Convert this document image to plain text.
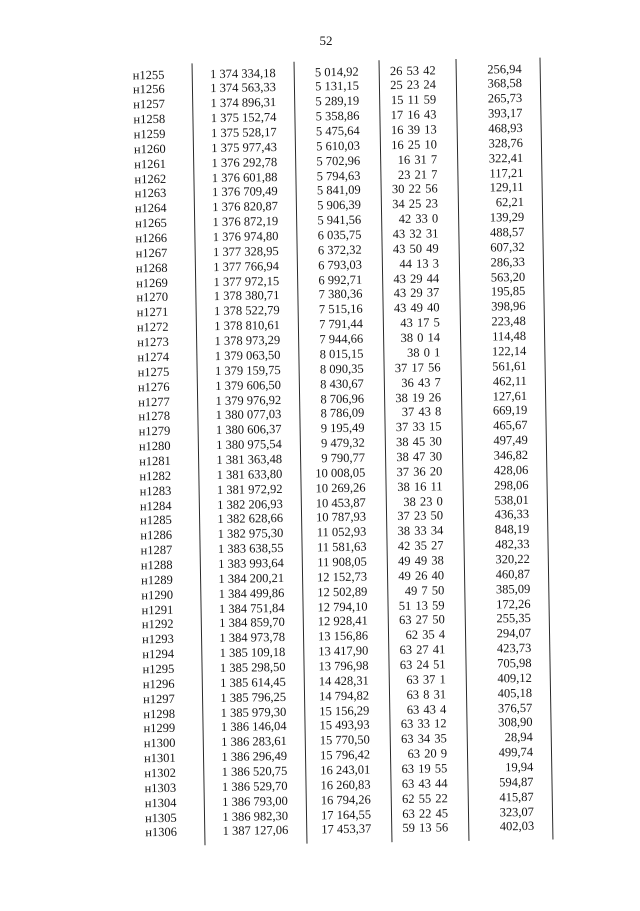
52
н1255	1 374 334,18	5 014,92	26 53 42	256,94
н1256	1 374 563,33	5 131,15	25 23 24	368,58
н1257	1 374 896,31	5 289,19	15 11 59	265,73
н1258	1 375 152,74	5 358,86	17 16 43	393,17
н1259	1 375 528,17	5 475,64	16 39 13	468,93
н1260	1 375 977,43	5 610,03	16 25 10	328,76
н1261	1 376 292,78	5 702,96	16 31 7	322,41
н1262	1 376 601,88	5 794,63	23 21 7	117,21
н1263	1 376 709,49	5 841,09	30 22 56	129,11
н1264	1 376 820,87	5 906,39	34 25 23	62,21
н1265	1 376 872,19	5 941,56	42 33 0	139,29
н1266	1 376 974,80	6 035,75	43 32 31	488,57
н1267	1 377 328,95	6 372,32	43 50 49	607,32
н1268	1 377 766,94	6 793,03	44 13 3	286,33
н1269	1 377 972,15	6 992,71	43 29 44	563,20
н1270	1 378 380,71	7 380,36	43 29 37	195,85
н1271	1 378 522,79	7 515,16	43 49 40	398,96
н1272	1 378 810,61	7 791,44	43 17 5	223,48
н1273	1 378 973,29	7 944,66	38 0 14	114,48
н1274	1 379 063,50	8 015,15	38 0 1	122,14
н1275	1 379 159,75	8 090,35	37 17 56	561,61
н1276	1 379 606,50	8 430,67	36 43 7	462,11
н1277	1 379 976,92	8 706,96	38 19 26	127,61
н1278	1 380 077,03	8 786,09	37 43 8	669,19
н1279	1 380 606,37	9 195,49	37 33 15	465,67
н1280	1 380 975,54	9 479,32	38 45 30	497,49
н1281	1 381 363,48	9 790,77	38 47 30	346,82
н1282	1 381 633,80	10 008,05	37 36 20	428,06
н1283	1 381 972,92	10 269,26	38 16 11	298,06
н1284	1 382 206,93	10 453,87	38 23 0	538,01
н1285	1 382 628,66	10 787,93	37 23 50	436,33
н1286	1 382 975,30	11 052,93	38 33 34	848,19
н1287	1 383 638,55	11 581,63	42 35 27	482,33
н1288	1 383 993,64	11 908,05	49 49 38	320,22
н1289	1 384 200,21	12 152,73	49 26 40	460,87
н1290	1 384 499,86	12 502,89	49 7 50	385,09
н1291	1 384 751,84	12 794,10	51 13 59	172,26
н1292	1 384 859,70	12 928,41	63 27 50	255,35
н1293	1 384 973,78	13 156,86	62 35 4	294,07
н1294	1 385 109,18	13 417,90	63 27 41	423,73
н1295	1 385 298,50	13 796,98	63 24 51	705,98
н1296	1 385 614,45	14 428,31	63 37 1	409,12
н1297	1 385 796,25	14 794,82	63 8 31	405,18
н1298	1 385 979,30	15 156,29	63 43 4	376,57
н1299	1 386 146,04	15 493,93	63 33 12	308,90
н1300	1 386 283,61	15 770,50	63 34 35	28,94
н1301	1 386 296,49	15 796,42	63 20 9	499,74
н1302	1 386 520,75	16 243,01	63 19 55	19,94
н1303	1 386 529,70	16 260,83	63 43 44	594,87
н1304	1 386 793,00	16 794,26	62 55 22	415,87
н1305	1 386 982,30	17 164,55	63 22 45	323,07
н1306	1 387 127,06	17 453,37	59 13 56	402,03
